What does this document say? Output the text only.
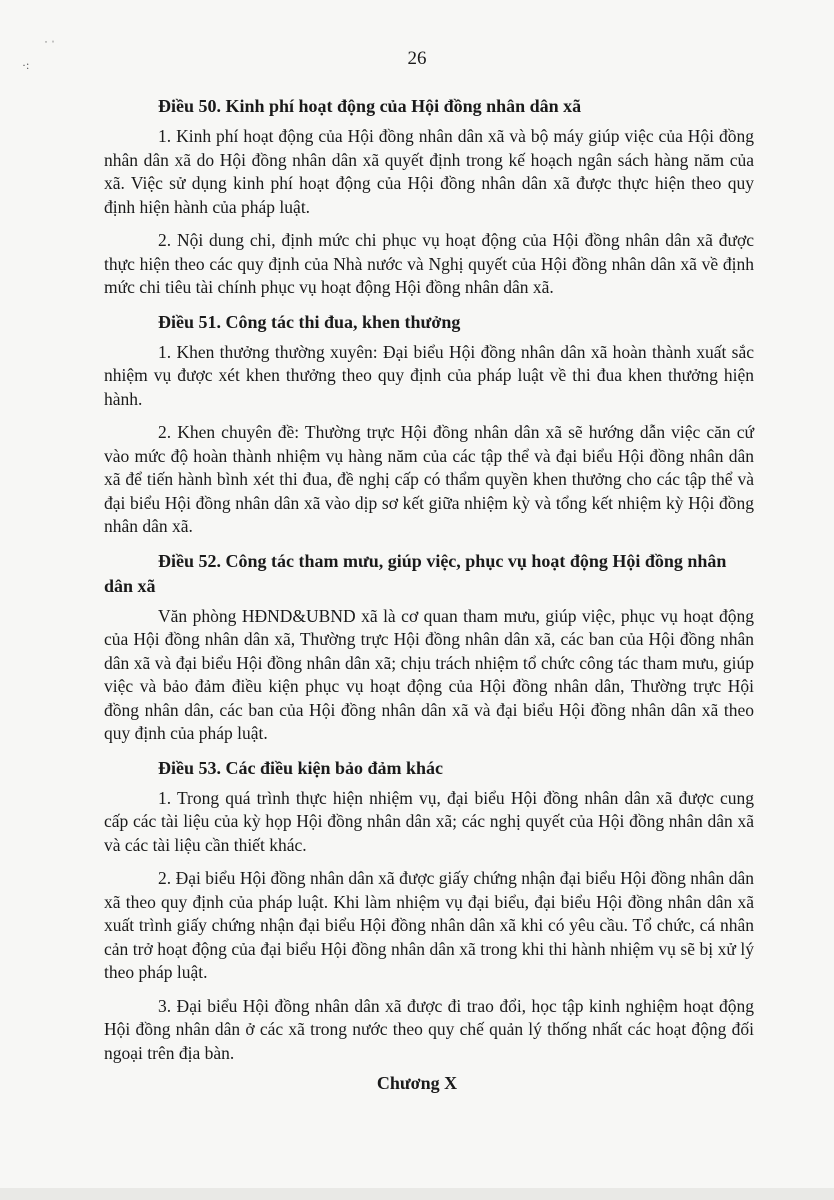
˙ ˈ
·:	26
Điều 50. Kinh phí hoạt động của Hội đồng nhân dân xã

1. Kinh phí hoạt động của Hội đồng nhân dân xã và bộ máy giúp việc của Hội đồng nhân dân xã do Hội đồng nhân dân xã quyết định trong kế hoạch ngân sách hàng năm của xã. Việc sử dụng kinh phí hoạt động của Hội đồng nhân dân xã được thực hiện theo quy định hiện hành của pháp luật.

2. Nội dung chi, định mức chi phục vụ hoạt động của Hội đồng nhân dân xã được thực hiện theo các quy định của Nhà nước và Nghị quyết của Hội đồng nhân dân xã về định mức chi tiêu tài chính phục vụ hoạt động Hội đồng nhân dân xã.

Điều 51. Công tác thi đua, khen thưởng

1. Khen thưởng thường xuyên: Đại biểu Hội đồng nhân dân xã hoàn thành xuất sắc nhiệm vụ được xét khen thưởng theo quy định của pháp luật về thi đua khen thưởng hiện hành.

2. Khen chuyên đề: Thường trực Hội đồng nhân dân xã sẽ hướng dẫn việc căn cứ vào mức độ hoàn thành nhiệm vụ hàng năm của các tập thể và đại biểu Hội đồng nhân dân xã để tiến hành bình xét thi đua, đề nghị cấp có thẩm quyền khen thưởng cho các tập thể và đại biểu Hội đồng nhân dân xã vào dịp sơ kết giữa nhiệm kỳ và tổng kết nhiệm kỳ Hội đồng nhân dân xã.

Điều 52. Công tác tham mưu, giúp việc, phục vụ hoạt động Hội đồng nhân dân xã

Văn phòng HĐND&UBND xã là cơ quan tham mưu, giúp việc, phục vụ hoạt động của Hội đồng nhân dân xã, Thường trực Hội đồng nhân dân xã, các ban của Hội đồng nhân dân xã và đại biểu Hội đồng nhân dân xã; chịu trách nhiệm tổ chức công tác tham mưu, giúp việc và bảo đảm điều kiện phục vụ hoạt động của Hội đồng nhân dân, Thường trực Hội đồng nhân dân, các ban của Hội đồng nhân dân xã và đại biểu Hội đồng nhân dân xã theo quy định của pháp luật.

Điều 53. Các điều kiện bảo đảm khác

1. Trong quá trình thực hiện nhiệm vụ, đại biểu Hội đồng nhân dân xã được cung cấp các tài liệu của kỳ họp Hội đồng nhân dân xã; các nghị quyết của Hội đồng nhân dân xã và các tài liệu cần thiết khác.

2. Đại biểu Hội đồng nhân dân xã được giấy chứng nhận đại biểu Hội đồng nhân dân xã theo quy định của pháp luật. Khi làm nhiệm vụ đại biểu, đại biểu Hội đồng nhân dân xã xuất trình giấy chứng nhận đại biểu Hội đồng nhân dân xã khi có yêu cầu. Tổ chức, cá nhân cản trở hoạt động của đại biểu Hội đồng nhân dân xã trong khi thi hành nhiệm vụ sẽ bị xử lý theo pháp luật.

3. Đại biểu Hội đồng nhân dân xã được đi trao đổi, học tập kinh nghiệm hoạt động Hội đồng nhân dân ở các xã trong nước theo quy chế quản lý thống nhất các hoạt động đối ngoại trên địa bàn.

Chương X
